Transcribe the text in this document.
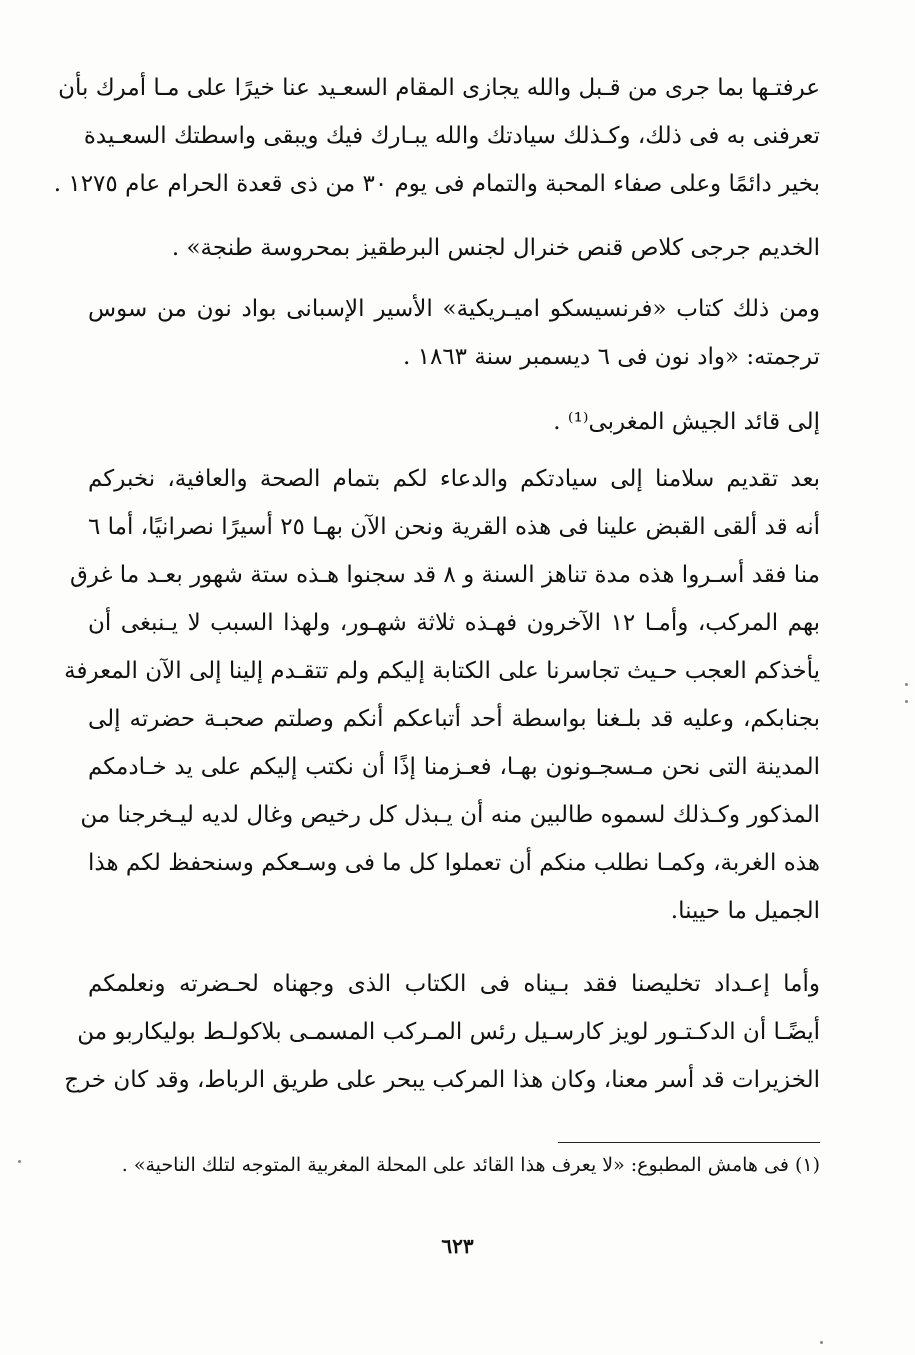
عرفتـها بما جرى من قـبل والله يجازى المقام السعـيد عنا خيرًا على مـا أمرك بأن
تعرفنى به فى ذلك، وكـذلك سيادتك والله يبـارك فيك ويبقى واسطتك السعـيدة
بخير دائمًا وعلى صفاء المحبة والتمام فى يوم ٣٠ من ذى قعدة الحرام عام ١٢٧٥ .
الخديم جرجى كلاص قنص خنرال لجنس البرطقيز بمحروسة طنجة» .
ومن ذلك كتاب «فرنسيسكو اميـريكية» الأسير الإسبانى بواد نون من سوس
ترجمته: «واد نون فى ٦ ديسمبر سنة ١٨٦٣ .
إلى قائد الجيش المغربى⁽¹⁾ .
بعد تقديم سلامنا إلى سيادتكم والدعاء لكم بتمام الصحة والعافية، نخبركم
أنه قد ألقى القبض علينا فى هذه القرية ونحن الآن بهـا ٢٥ أسيرًا نصرانيًا، أما ٦
منا فقد أسـروا هذه مدة تناهز السنة و ٨ قد سجنوا هـذه ستة شهور بعـد ما غرق
بهم المركب، وأمـا ١٢ الآخرون فهـذه ثلاثة شهـور، ولهذا السبب لا يـنبغى أن
يأخذكم العجب حـيث تجاسرنا على الكتابة إليكم ولم تتقـدم إلينا إلى الآن المعرفة
بجنابكم، وعليه قد بلـغنا بواسطة أحد أتباعكم أنكم وصلتم صحبـة حضرته إلى
المدينة التى نحن مـسجـونون بهـا، فعـزمنا إذًا أن نكتب إليكم على يد خـادمكم
المذكور وكـذلك لسموه طالبين منه أن يـبذل كل رخيص وغال لديه ليـخرجنا من
هذه الغربة، وكمـا نطلب منكم أن تعملوا كل ما فى وسـعكم وسنحفظ لكم هذا
الجميل ما حيينا.
وأما إعـداد تخليصنا فقد بـيناه فى الكتاب الذى وجهناه لحـضرته ونعلمكم
أيضًـا أن الدكـتـور لويز كارسـيل رئس المـركب المسمـى بلاكولـط بوليكاربو من
الخزيرات قد أسر معنا، وكان هذا المركب يبحر على طريق الرباط، وقد كان خرج
(١) فى هامش المطبوع: «لا يعرف هذا القائد على المحلة المغربية المتوجه لتلك الناحية» .
٦٢٣
